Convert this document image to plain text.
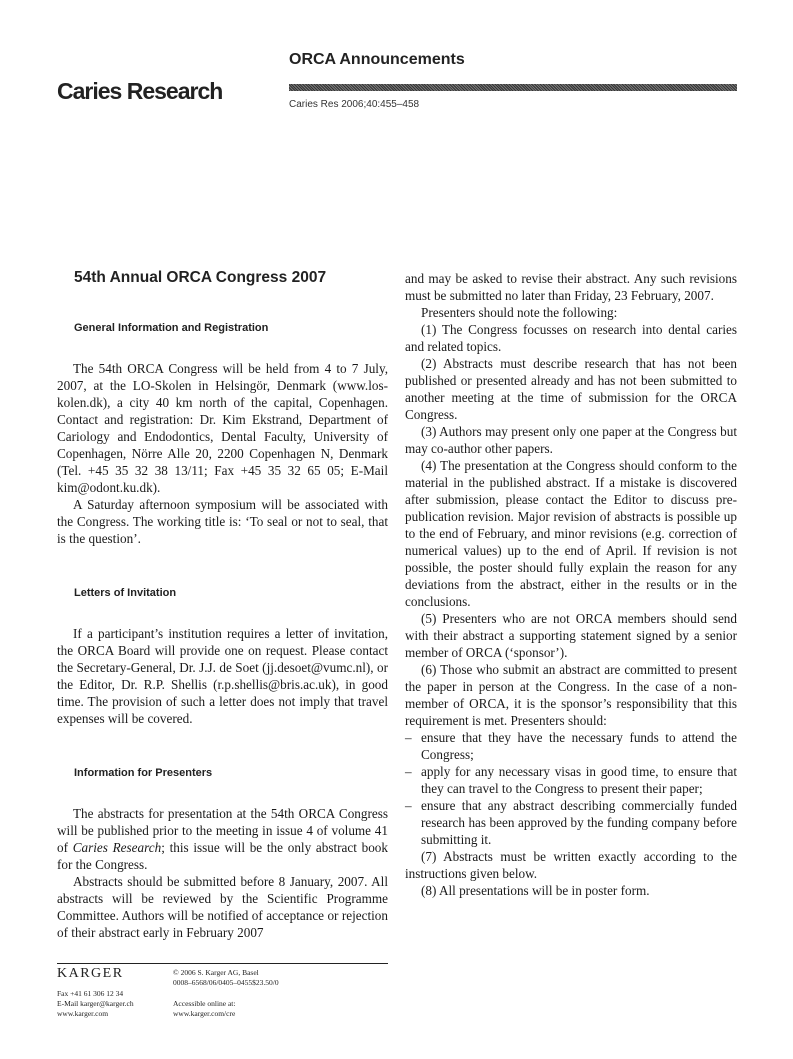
Caries Research
ORCA Announcements
Caries Res 2006;40:455–458
54th Annual ORCA Congress 2007
General Information and Registration

The 54th ORCA Congress will be held from 4 to 7 July, 2007, at the LO-Skolen in Helsingör, Denmark (www.los-kolen.dk), a city 40 km north of the capital, Copenhagen. Contact and registration: Dr. Kim Ekstrand, Department of Cariology and Endodontics, Dental Faculty, University of Copenhagen, Nörre Alle 20, 2200 Copenhagen N, Denmark (Tel. +45 35 32 38 13/11; Fax +45 35 32 65 05; E-Mail kim@odont.ku.dk).

A Saturday afternoon symposium will be associated with the Congress. The working title is: ‘To seal or not to seal, that is the question’.

Letters of Invitation

If a participant’s institution requires a letter of invitation, the ORCA Board will provide one on request. Please contact the Secretary-General, Dr. J.J. de Soet (jj.desoet@vumc.nl), or the Editor, Dr. R.P. Shellis (r.p.shellis@bris.ac.uk), in good time. The provision of such a letter does not imply that travel expenses will be covered.

Information for Presenters

The abstracts for presentation at the 54th ORCA Congress will be published prior to the meeting in issue 4 of volume 41 of Caries Research; this issue will be the only abstract book for the Congress.

Abstracts should be submitted before 8 January, 2007. All abstracts will be reviewed by the Scientific Programme Committee. Authors will be notified of acceptance or rejection of their abstract early in February 2007

and may be asked to revise their abstract. Any such revisions must be submitted no later than Friday, 23 February, 2007.

Presenters should note the following:

(1) The Congress focusses on research into dental caries and related topics.

(2) Abstracts must describe research that has not been published or presented already and has not been submitted to another meeting at the time of submission for the ORCA Congress.

(3) Authors may present only one paper at the Congress but may co-author other papers.

(4) The presentation at the Congress should conform to the material in the published abstract. If a mistake is discovered after submission, please contact the Editor to discuss pre-publication revision. Major revision of abstracts is possible up to the end of February, and minor revisions (e.g. correction of numerical values) up to the end of April. If revision is not possible, the poster should fully explain the reason for any deviations from the abstract, either in the results or in the conclusions.

(5) Presenters who are not ORCA members should send with their abstract a supporting statement signed by a senior member of ORCA (‘sponsor’).

(6) Those who submit an abstract are committed to present the paper in person at the Congress. In the case of a non-member of ORCA, it is the sponsor’s responsibility that this requirement is met. Presenters should:

– ensure that they have the necessary funds to attend the Congress;
– apply for any necessary visas in good time, to ensure that they can travel to the Congress to present their paper;
– ensure that any abstract describing commercially funded research has been approved by the funding company before submitting it.

(7) Abstracts must be written exactly according to the instructions given below.

(8) All presentations will be in poster form.

KARGER
Fax +41 61 306 12 34
E-Mail karger@karger.ch
www.karger.com
© 2006 S. Karger AG, Basel
0008–6568/06/0405–0455$23.50/0
Accessible online at:
www.karger.com/cre
